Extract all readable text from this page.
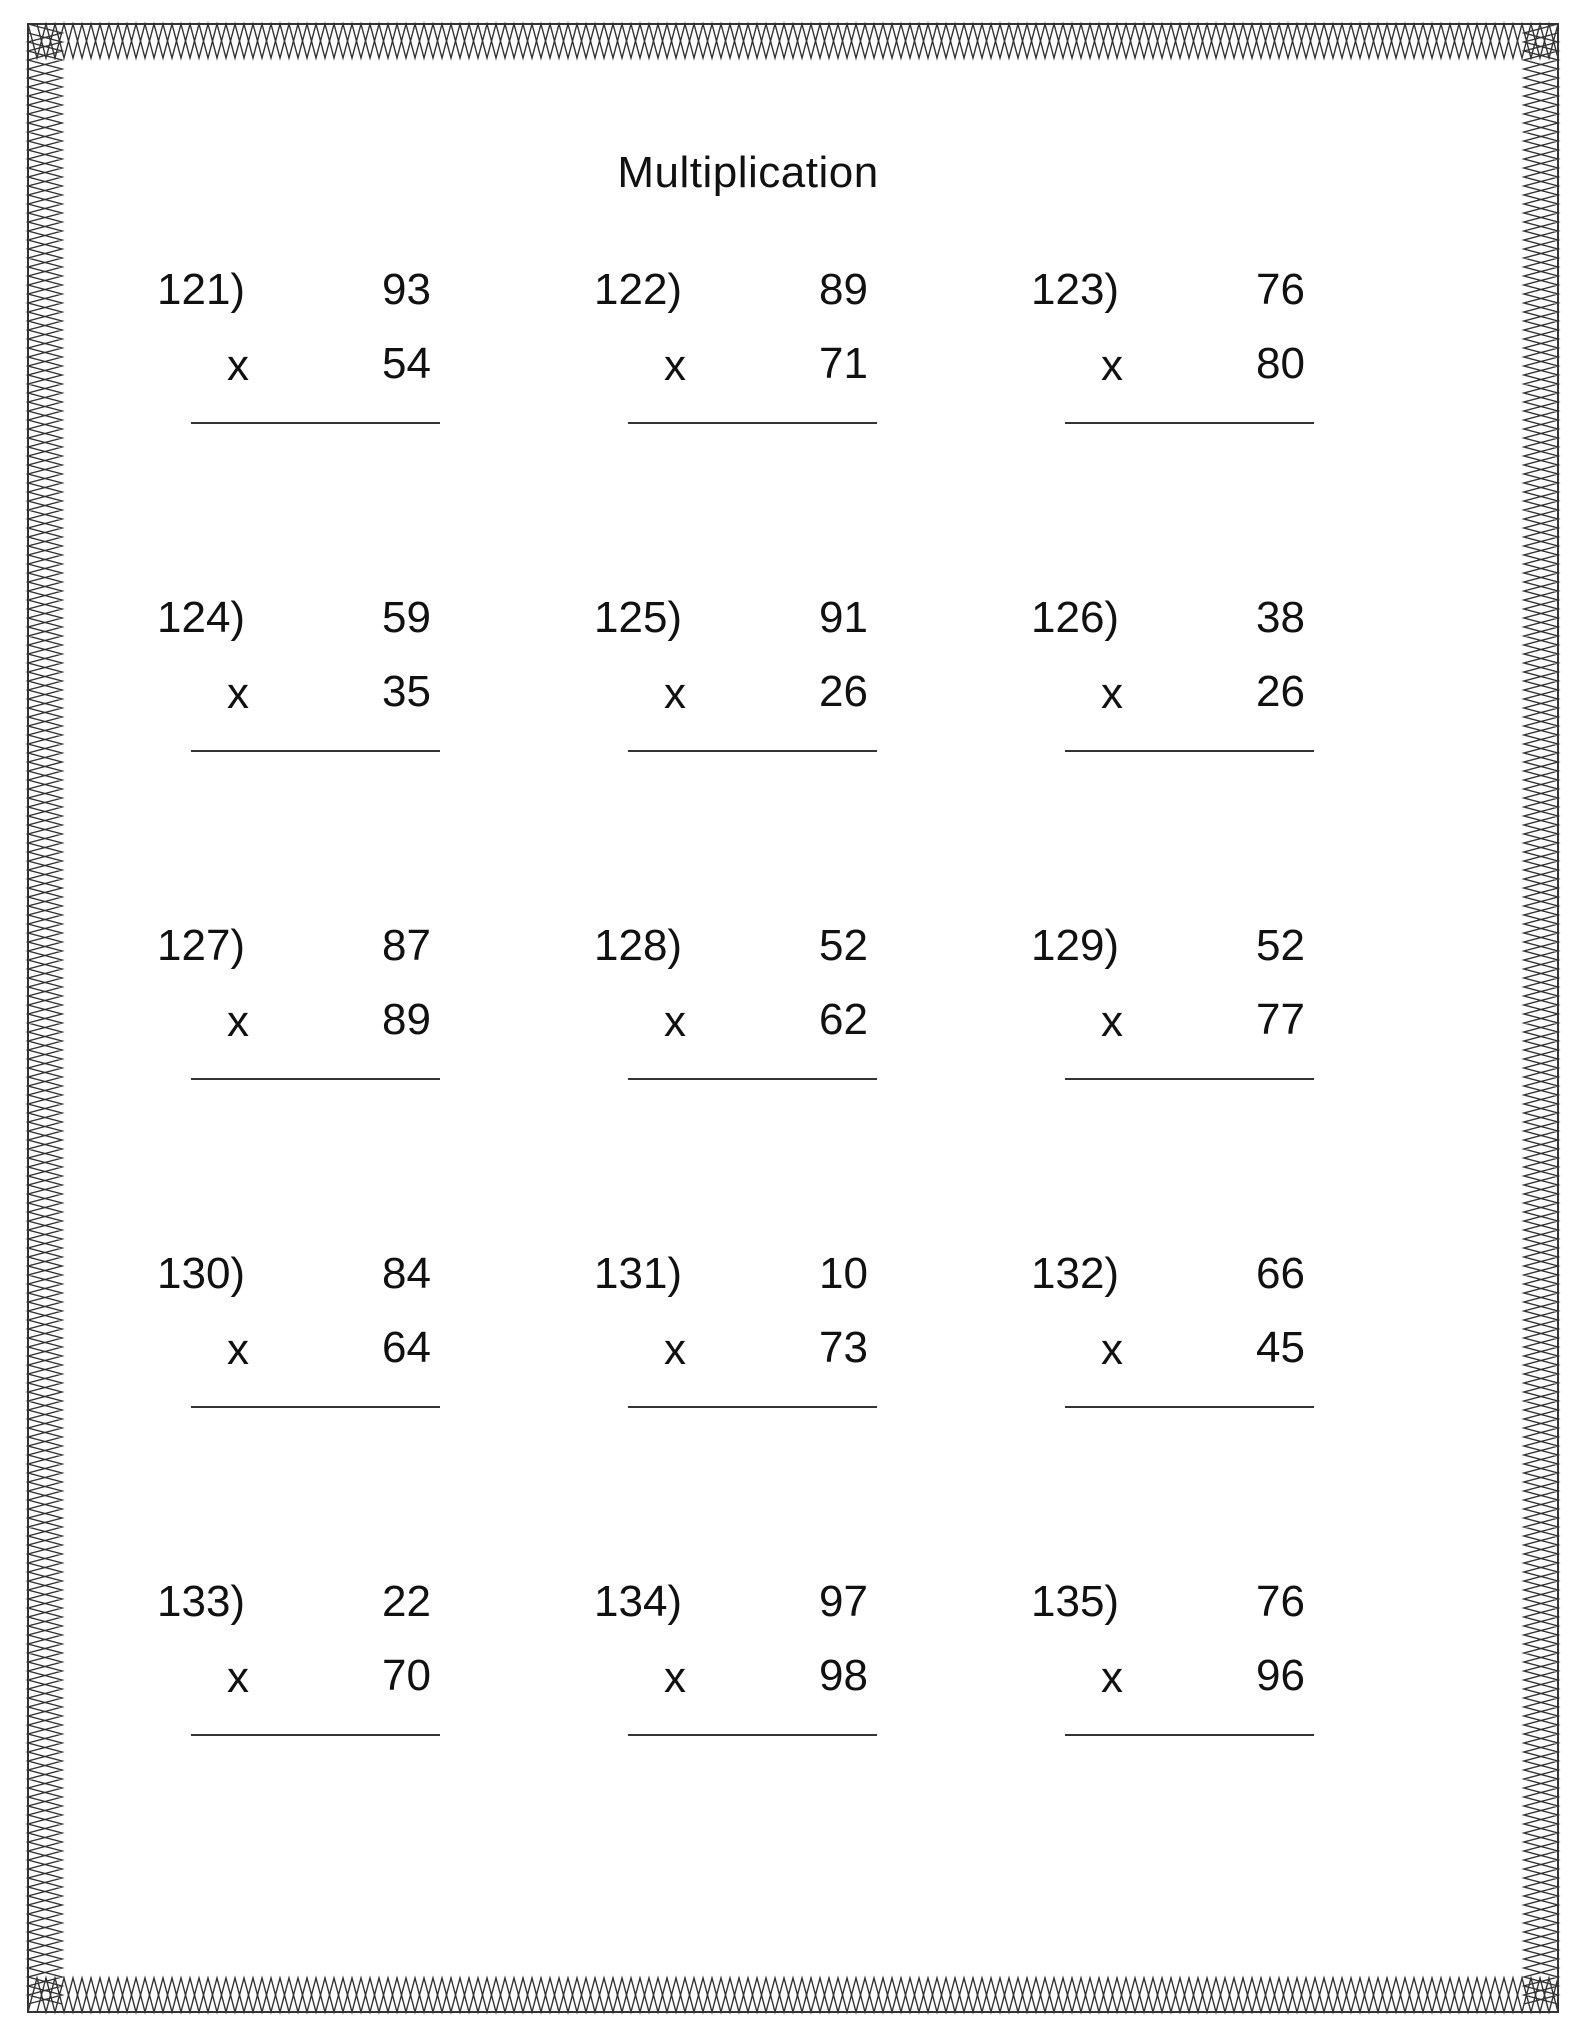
Multiplication
121)	93
x	54
122)	89
x	71
123)	76
x	80
124)	59
x	35
125)	91
x	26
126)	38
x	26
127)	87
x	89
128)	52
x	62
129)	52
x	77
130)	84
x	64
131)	10
x	73
132)	66
x	45
133)	22
x	70
134)	97
x	98
135)	76
x	96
